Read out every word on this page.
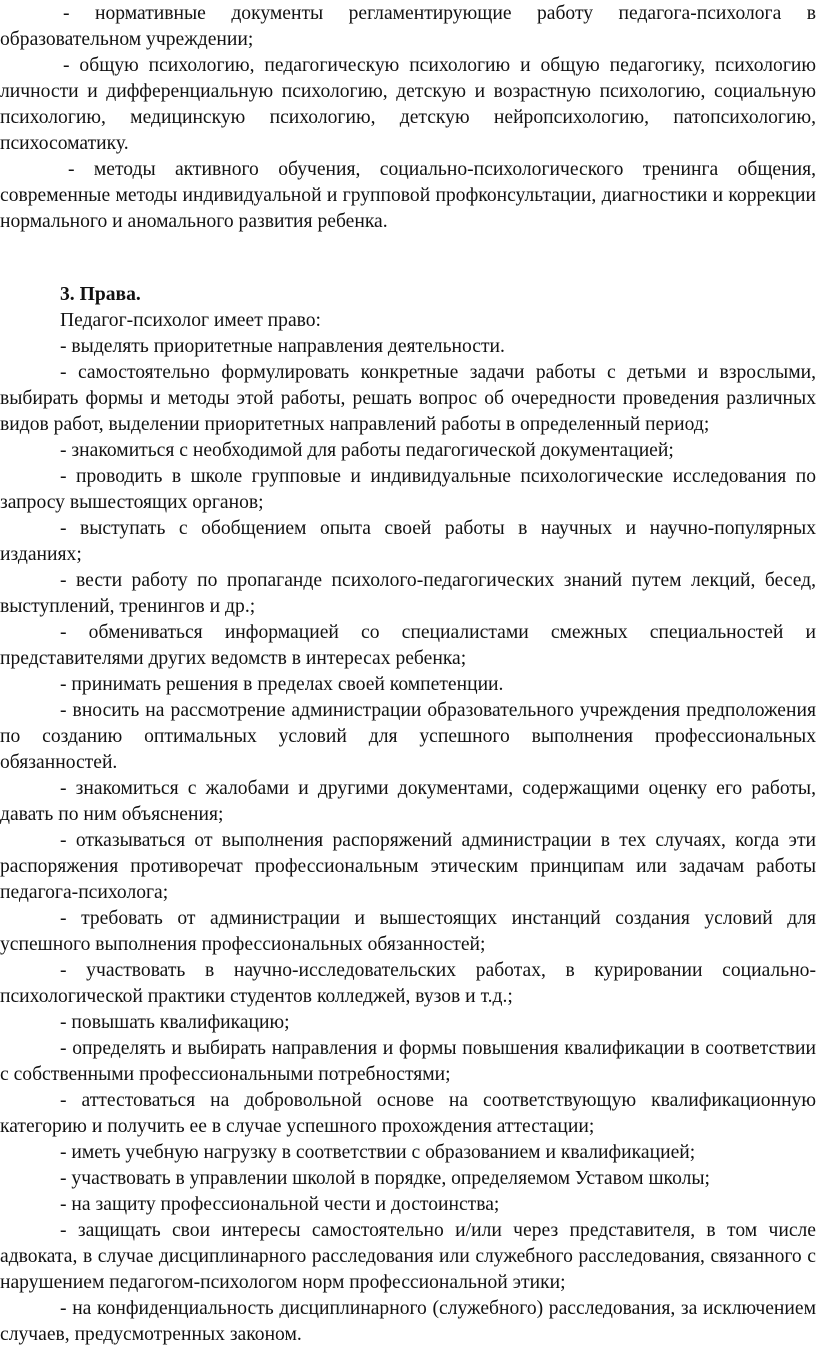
- нормативные документы регламентирующие работу педагога-психолога в образовательном учреждении;

- общую психологию, педагогическую психологию и общую педагогику, психологию личности и дифференциальную психологию, детскую и возрастную психологию, социальную психологию, медицинскую психологию, детскую нейропсихологию, патопсихологию, психосоматику.

- методы активного обучения, социально-психологического тренинга общения, современные методы индивидуальной и групповой профконсультации, диагностики и коррекции нормального и аномального развития ребенка.

3. Права.

Педагог-психолог имеет право:

- выделять приоритетные направления деятельности.

- самостоятельно формулировать конкретные задачи работы с детьми и взрослыми, выбирать формы и методы этой работы, решать вопрос об очередности проведения различных видов работ, выделении приоритетных направлений работы в определенный период;

- знакомиться с необходимой для работы педагогической документацией;

- проводить в школе групповые и индивидуальные психологические исследования по запросу вышестоящих органов;

- выступать с обобщением опыта своей работы в научных и научно-популярных изданиях;

- вести работу по пропаганде психолого-педагогических знаний путем лекций, бесед, выступлений, тренингов и др.;

- обмениваться информацией со специалистами смежных специальностей и представителями других ведомств в интересах ребенка;

- принимать решения в пределах своей компетенции.

- вносить на рассмотрение администрации образовательного учреждения предположения по созданию оптимальных условий для успешного выполнения профессиональных обязанностей.

- знакомиться с жалобами и другими документами, содержащими оценку его работы, давать по ним объяснения;

- отказываться от выполнения распоряжений администрации в тех случаях, когда эти распоряжения противоречат профессиональным этическим принципам или задачам работы педагога-психолога;

- требовать от администрации и вышестоящих инстанций создания условий для успешного выполнения профессиональных обязанностей;

- участвовать в научно-исследовательских работах, в курировании социально-психологической практики студентов колледжей, вузов и т.д.;

- повышать квалификацию;

- определять и выбирать направления и формы повышения квалификации в соответствии с собственными профессиональными потребностями;

- аттестоваться на добровольной основе на соответствующую квалификационную категорию и получить ее в случае успешного прохождения аттестации;

- иметь учебную нагрузку в соответствии с образованием и квалификацией;

- участвовать в управлении школой в порядке, определяемом Уставом школы;

- на защиту профессиональной чести и достоинства;

- защищать свои интересы самостоятельно и/или через представителя, в том числе адвоката, в случае дисциплинарного расследования или служебного расследования, связанного с нарушением педагогом-психологом норм профессиональной этики;

- на конфиденциальность дисциплинарного (служебного) расследования, за исключением случаев, предусмотренных законом.
